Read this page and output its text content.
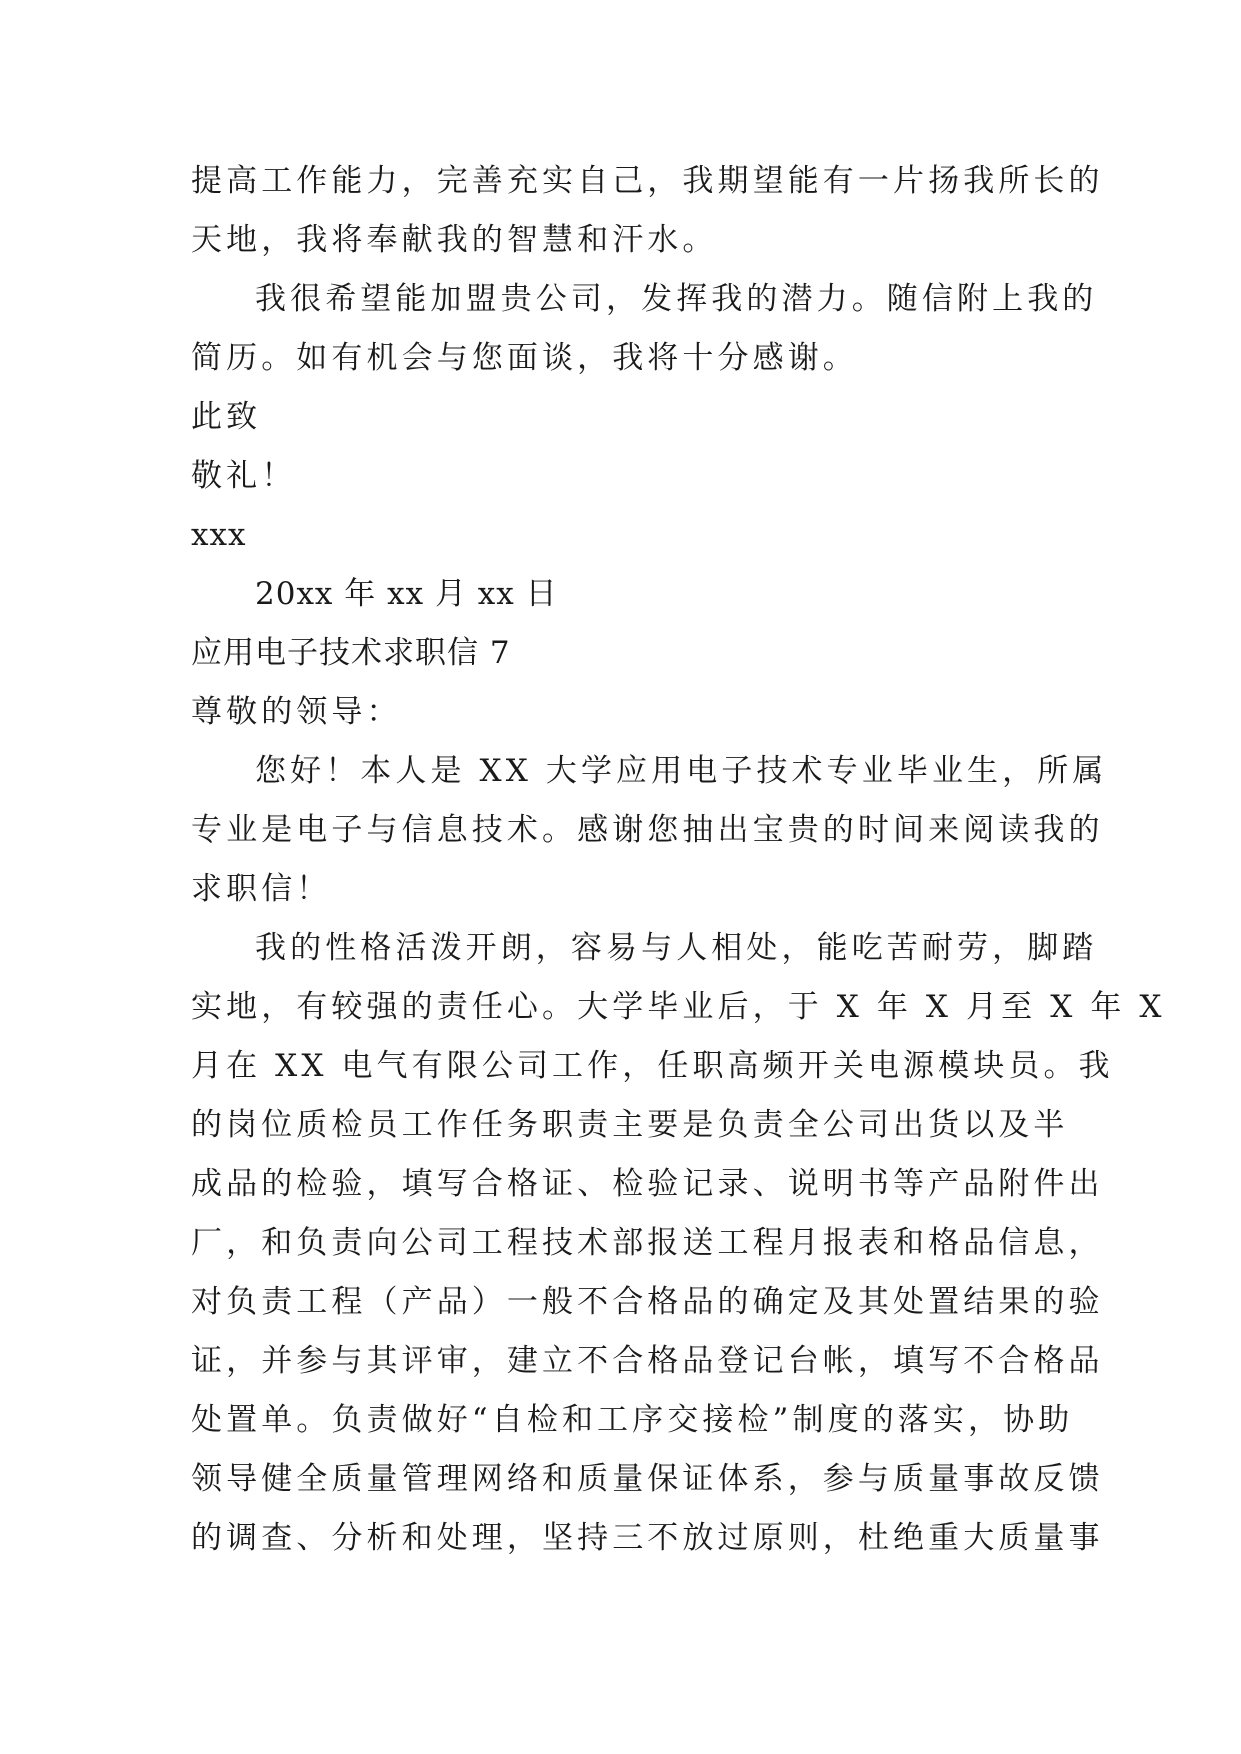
提高工作能力，完善充实自己，我期望能有一片扬我所长的
天地，我将奉献我的智慧和汗水。
我很希望能加盟贵公司，发挥我的潜力。随信附上我的
简历。如有机会与您面谈，我将十分感谢。
此致
敬礼！
xxx
20xx 年 xx 月 xx 日
应用电子技术求职信 7
尊敬的领导：
您好！本人是 XX 大学应用电子技术专业毕业生，所属
专业是电子与信息技术。感谢您抽出宝贵的时间来阅读我的
求职信！
我的性格活泼开朗，容易与人相处，能吃苦耐劳，脚踏
实地，有较强的责任心。大学毕业后，于 X 年 X 月至 X 年 X
月在 XX 电气有限公司工作，任职高频开关电源模块员。我
的岗位质检员工作任务职责主要是负责全公司出货以及半
成品的检验，填写合格证、检验记录、说明书等产品附件出
厂，和负责向公司工程技术部报送工程月报表和格品信息，
对负责工程（产品）一般不合格品的确定及其处置结果的验
证，并参与其评审，建立不合格品登记台帐，填写不合格品
处置单。负责做好“自检和工序交接检”制度的落实，协助
领导健全质量管理网络和质量保证体系，参与质量事故反馈
的调查、分析和处理，坚持三不放过原则，杜绝重大质量事
